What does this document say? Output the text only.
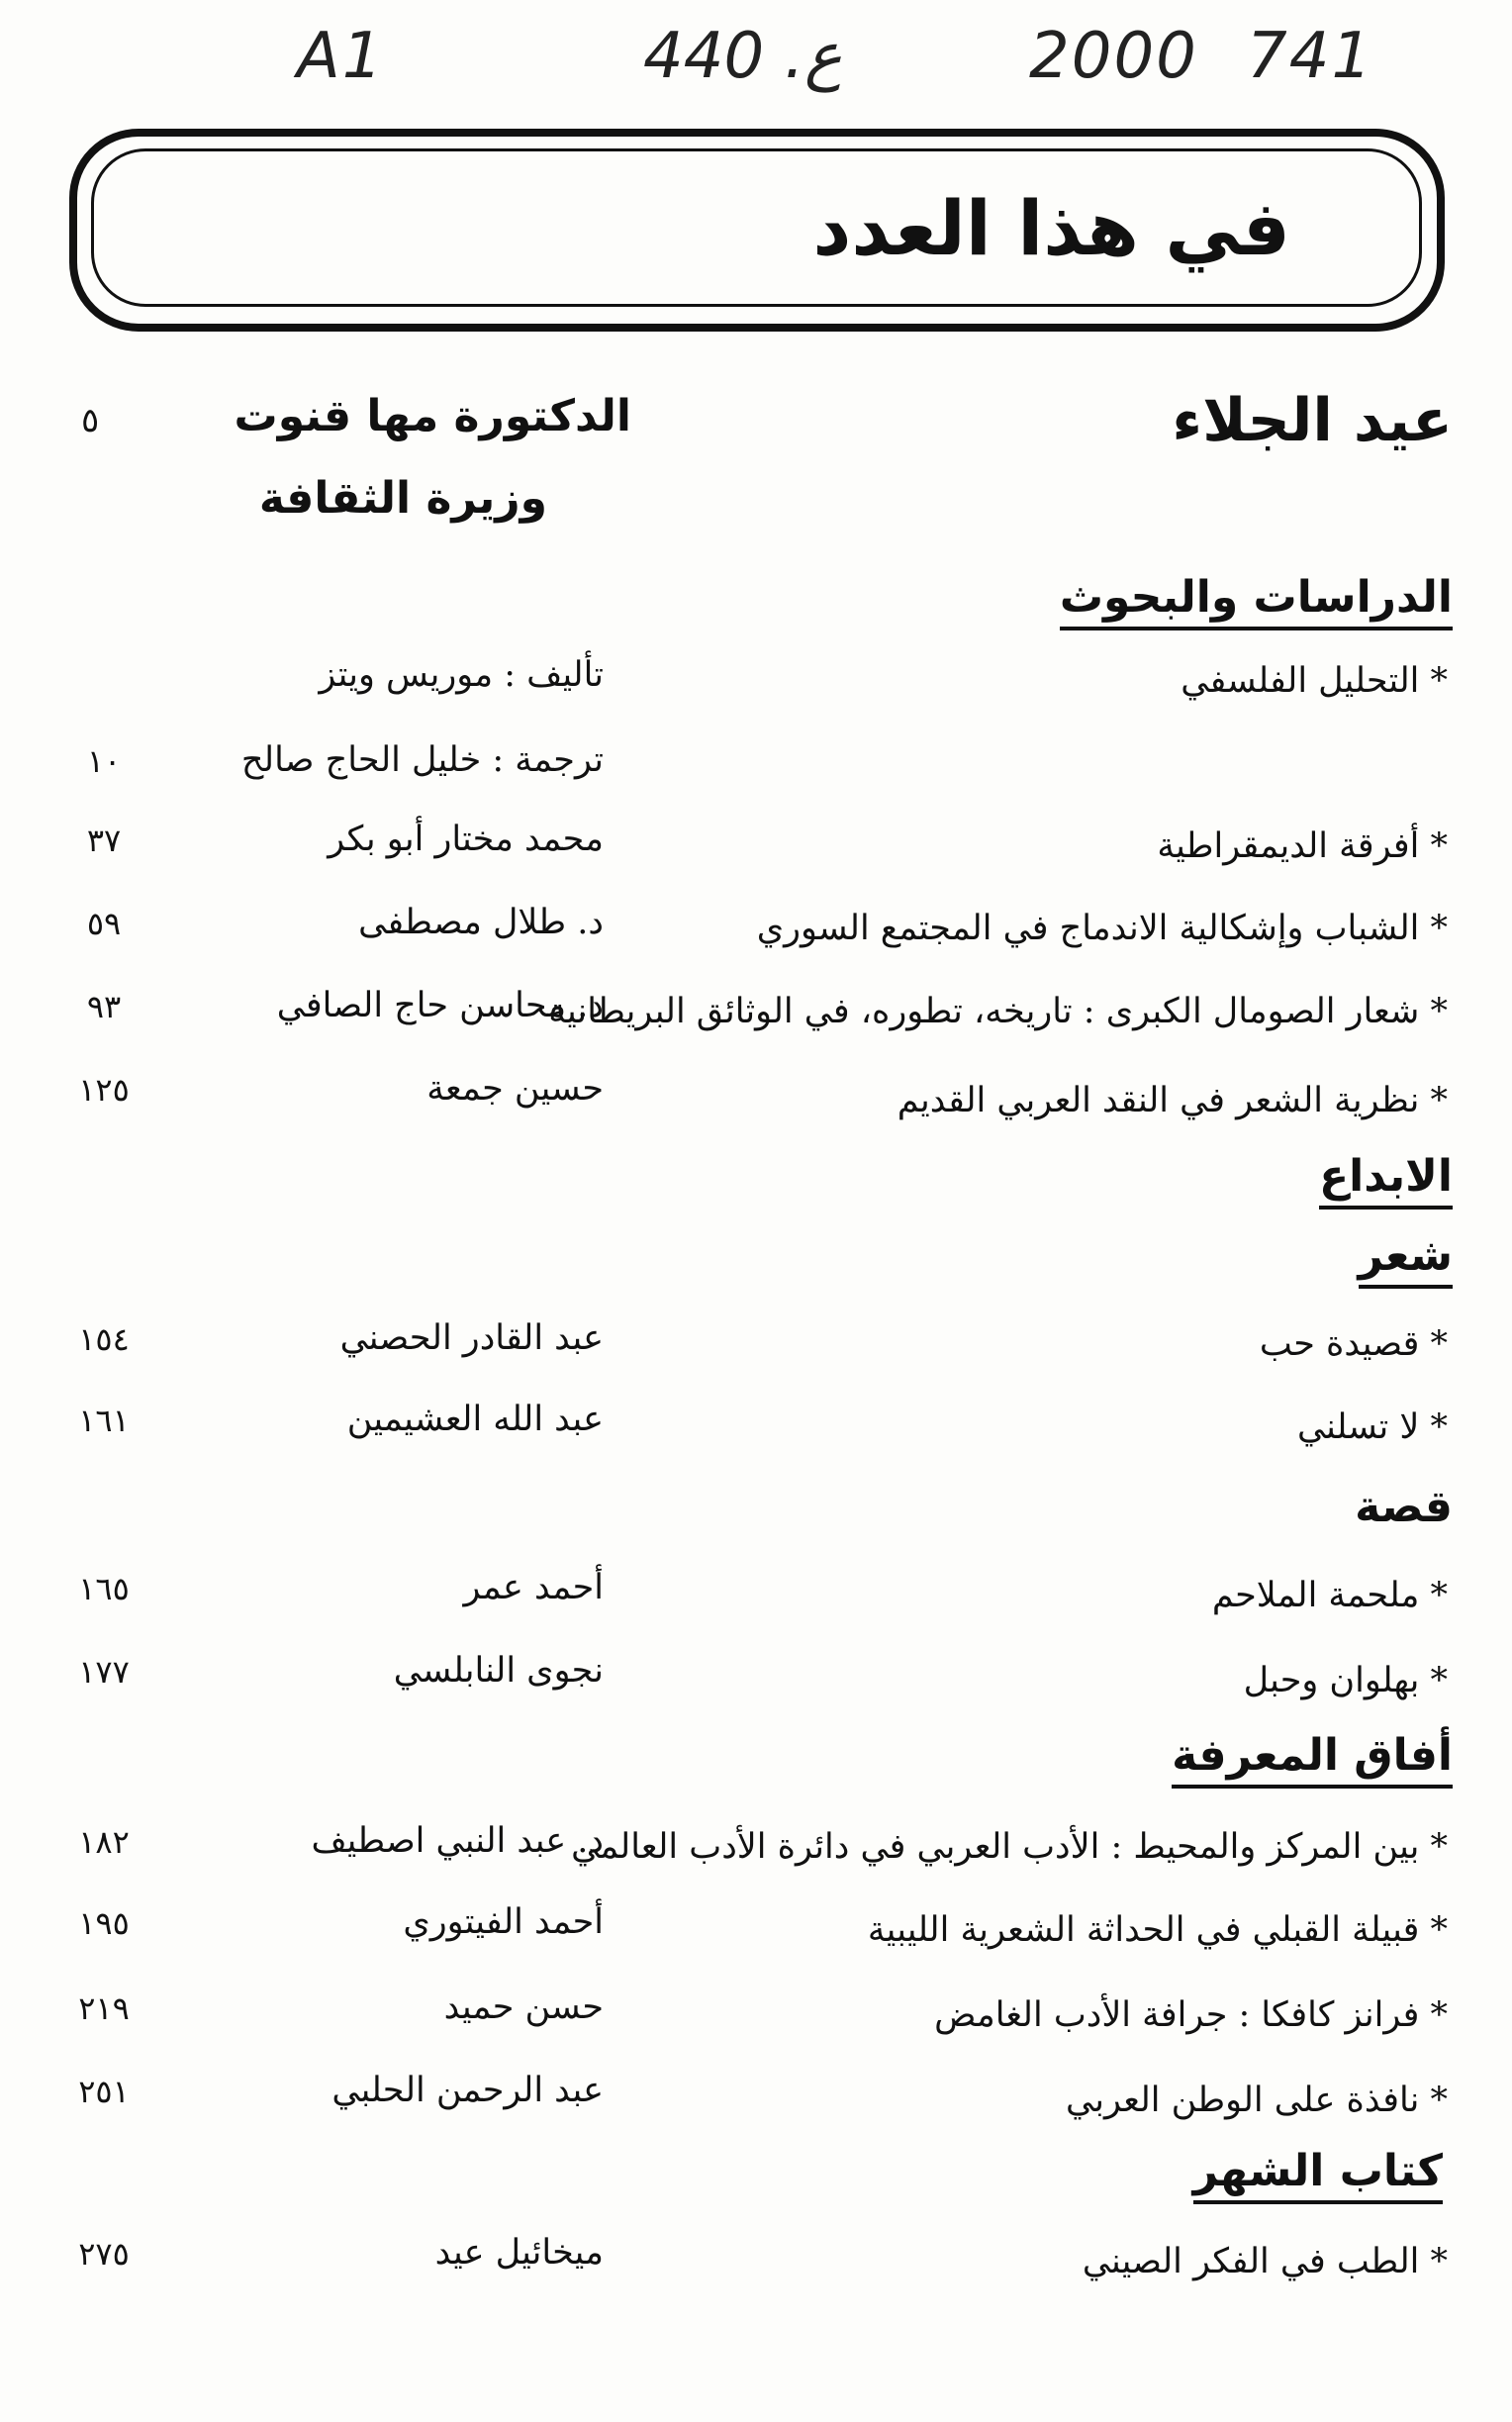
A1	440 .ع	2000 741
في هذا العدد
عيد الجلاء
الدكتورة مها قنوت
وزيرة الثقافة
٥
الدراسات والبحوث
* التحليل الفلسفي
تأليف : موريس ويتز
ترجمة : خليل الحاج صالح
١٠
* أفرقة الديمقراطية
محمد مختار أبو بكر
٣٧
* الشباب وإشكالية الاندماج في المجتمع السوري
د. طلال مصطفى
٥٩
* شعار الصومال الكبرى : تاريخه، تطوره، في الوثائق البريطانية
د. محاسن حاج الصافي
٩٣
* نظرية الشعر في النقد العربي القديم
حسين جمعة
١٢٥
الابداع
شعر
* قصيدة حب
عبد القادر الحصني
١٥٤
* لا تسلني
عبد الله العشيمين
١٦١
قصة
* ملحمة الملاحم
أحمد عمر
١٦٥
* بهلوان وحبل
نجوى النابلسي
١٧٧
أفاق المعرفة
* بين المركز والمحيط : الأدب العربي في دائرة الأدب العالمي
د. عبد النبي اصطيف
١٨٢
* قبيلة القبلي في الحداثة الشعرية الليبية
أحمد الفيتوري
١٩٥
* فرانز كافكا : جرافة الأدب الغامض
حسن حميد
٢١٩
* نافذة على الوطن العربي
عبد الرحمن الحلبي
٢٥١
كتاب الشهر
* الطب في الفكر الصيني
ميخائيل عيد
٢٧٥
